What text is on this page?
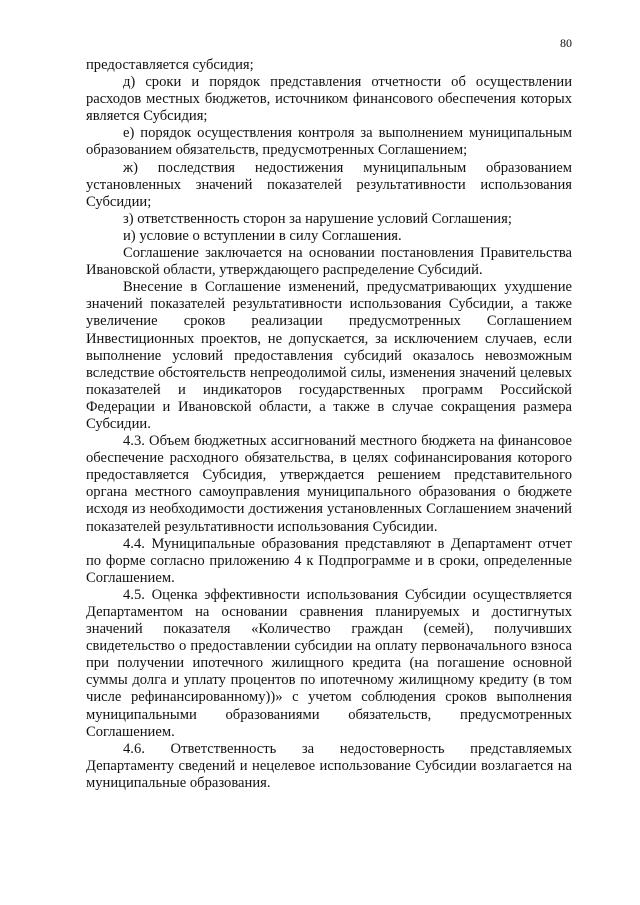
80

предоставляется субсидия;

д) сроки и порядок представления отчетности об осуществлении расходов местных бюджетов, источником финансового обеспечения которых является Субсидия;

е) порядок осуществления контроля за выполнением муниципальным образованием обязательств, предусмотренных Соглашением;

ж) последствия недостижения муниципальным образованием установленных значений показателей результативности использования Субсидии;

з) ответственность сторон за нарушение условий Соглашения;

и) условие о вступлении в силу Соглашения.

Соглашение заключается на основании постановления Правительства Ивановской области, утверждающего распределение Субсидий.

Внесение в Соглашение изменений, предусматривающих ухудшение значений показателей результативности использования Субсидии, а также увеличение сроков реализации предусмотренных Соглашением Инвестиционных проектов, не допускается, за исключением случаев, если выполнение условий предоставления субсидий оказалось невозможным вследствие обстоятельств непреодолимой силы, изменения значений целевых показателей и индикаторов государственных программ Российской Федерации и Ивановской области, а также в случае сокращения размера Субсидии.

4.3. Объем бюджетных ассигнований местного бюджета на финансовое обеспечение расходного обязательства, в целях софинансирования которого предоставляется Субсидия, утверждается решением представительного органа местного самоуправления муниципального образования о бюджете исходя из необходимости достижения установленных Соглашением значений показателей результативности использования Субсидии.

4.4. Муниципальные образования представляют в Департамент отчет по форме согласно приложению 4 к Подпрограмме и в сроки, определенные Соглашением.

4.5. Оценка эффективности использования Субсидии осуществляется Департаментом на основании сравнения планируемых и достигнутых значений показателя «Количество граждан (семей), получивших свидетельство о предоставлении субсидии на оплату первоначального взноса при получении ипотечного жилищного кредита (на погашение основной суммы долга и уплату процентов по ипотечному жилищному кредиту (в том числе рефинансированному))» с учетом соблюдения сроков выполнения муниципальными образованиями обязательств, предусмотренных Соглашением.

4.6. Ответственность за недостоверность представляемых Департаменту сведений и нецелевое использование Субсидии возлагается на муниципальные образования.
